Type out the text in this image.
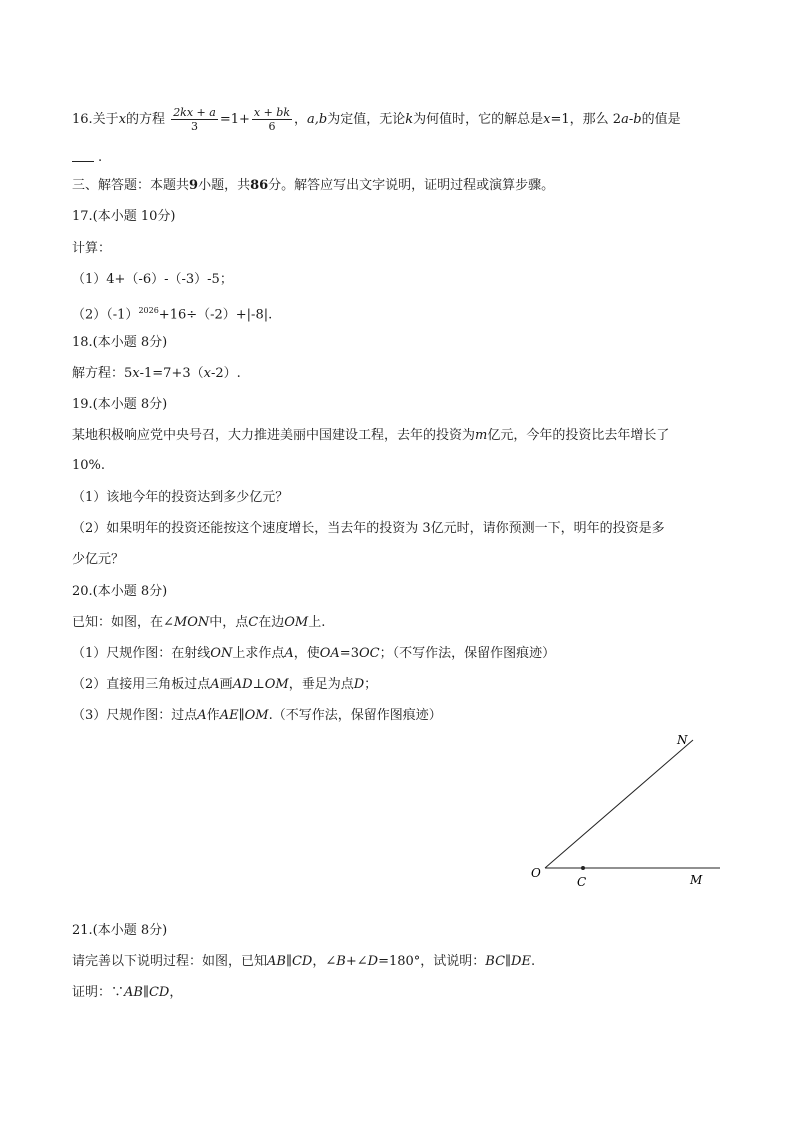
16.关于x的方程 $\frac{2kx + a}{3} =1+ \frac{x + bk}{6}$ ，a,b为定值，无论k为何值时，它的解总是x=1，那么 2a-b的值是
.
三、解答题：本题共9小题，共86分。解答应写出文字说明，证明过程或演算步骤。
17.(本小题 10分)
计算：
（1）4+（-6）-（-3）-5；
$(2)(-1)^{2026}+16\div(-2)+|-8|$.
18.(本小题 8分)
解方程：5x-1=7+3（x-2）.
19.(本小题 8分)
某地积极响应党中央号召，大力推进美丽中国建设工程，去年的投资为m亿元，今年的投资比去年增长了
10%.
（1）该地今年的投资达到多少亿元？
（2）如果明年的投资还能按这个速度增长，当去年的投资为 3亿元时，请你预测一下，明年的投资是多
少亿元？
20.(本小题 8分)
已知：如图，在∠MON中，点C在边OM上.
（1）尺规作图：在射线ON上求作点A，使OA=3OC；（不写作法，保留作图痕迹）
（2）直接用三角板过点A画AD⊥OM，垂足为点D；
（3）尺规作图：过点A作AE∥OM.（不写作法，保留作图痕迹）
N
O
C	M
21.(本小题 8分)
请完善以下说明过程：如图，已知AB∥CD，∠B+∠D=180°，试说明：BC∥DE.
证明：∵AB∥CD，
